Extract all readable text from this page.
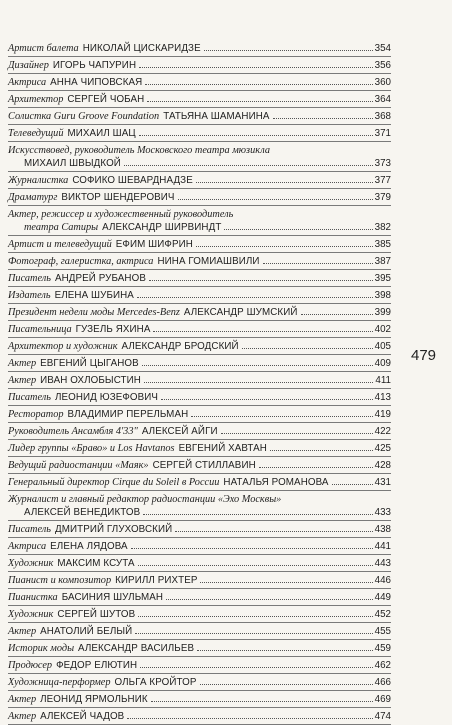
Артист балета НИКОЛАЙ ЦИСКАРИДЗЕ	354
Дизайнер ИГОРЬ ЧАПУРИН	356
Актриса АННА ЧИПОВСКАЯ	360
Архитектор СЕРГЕЙ ЧОБАН	364
Солистка Guru Groove Foundation ТАТЬЯНА ШАМАНИНА	368
Телеведущий МИХАИЛ ШАЦ	371
Искусствовед, руководитель Московского театра мюзикла
МИХАИЛ ШВЫДКОЙ	373
Журналистка СОФИКО ШЕВАРДНАДЗЕ	377
Драматург ВИКТОР ШЕНДЕРОВИЧ	379
Актер, режиссер и художественный руководитель
театра Сатиры АЛЕКСАНДР ШИРВИНДТ	382
Артист и телеведущий ЕФИМ ШИФРИН	385
Фотограф, галеристка, актриса НИНА ГОМИАШВИЛИ	387
Писатель АНДРЕЙ РУБАНОВ	395
Издатель ЕЛЕНА ШУБИНА	398
Президент недели моды Mercedes-Benz АЛЕКСАНДР ШУМСКИЙ	399
Писательница ГУЗЕЛЬ ЯХИНА	402
Архитектор и художник АЛЕКСАНДР БРОДСКИЙ	405
Актер ЕВГЕНИЙ ЦЫГАНОВ	409
Актер ИВАН ОХЛОБЫСТИН	411
Писатель ЛЕОНИД ЮЗЕФОВИЧ	413
Ресторатор ВЛАДИМИР ПЕРЕЛЬМАН	419
Руководитель Ансамбля 4'33" АЛЕКСЕЙ АЙГИ	422
Лидер группы «Браво» и Los Havtanos ЕВГЕНИЙ ХАВТАН	425
Ведущий радиостанции «Маяк» СЕРГЕЙ СТИЛЛАВИН	428
Генеральный директор Cirque du Soleil в России НАТАЛЬЯ РОМАНОВА	431
Журналист и главный редактор радиостанции «Эхо Москвы»
АЛЕКСЕЙ ВЕНЕДИКТОВ	433
Писатель ДМИТРИЙ ГЛУХОВСКИЙ	438
Актриса ЕЛЕНА ЛЯДОВА	441
Художник МАКСИМ КСУТА	443
Пианист и композитор КИРИЛЛ РИХТЕР	446
Пианистка БАСИНИЯ ШУЛЬМАН	449
Художник СЕРГЕЙ ШУТОВ	452
Актер АНАТОЛИЙ БЕЛЫЙ	455
Историк моды АЛЕКСАНДР ВАСИЛЬЕВ	459
Продюсер ФЕДОР ЕЛЮТИН	462
Художница-перформер ОЛЬГА КРОЙТОР	466
Актер ЛЕОНИД ЯРМОЛЬНИК	469
Актер АЛЕКСЕЙ ЧАДОВ	474
479
